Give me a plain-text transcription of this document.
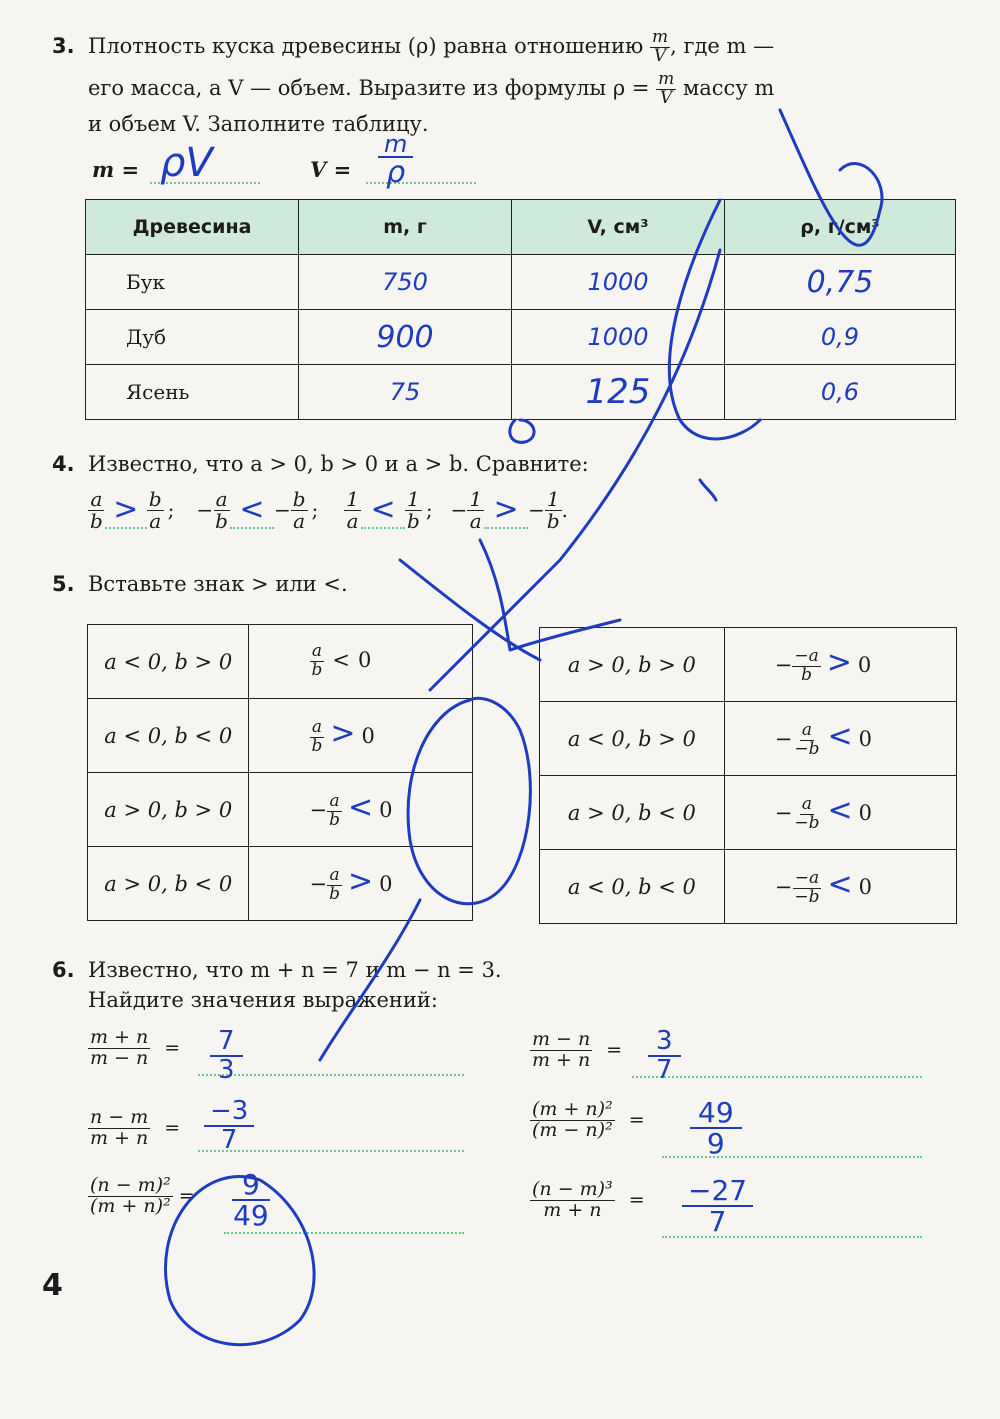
3. Плотность куска древесины (ρ) равна отношению $\frac{m}{V}$ , где m —
его масса, а V — объем. Выразите из формулы $\rho = \frac{m}{V}$ массу m
и объем V. Заполните таблицу.
m = ρV	V =
m
ρ
Древесина	m, г	V, см³	ρ, г/см³
Бук	750	1000	0,75
Дуб	900	1000	0,9
Ясень	75	125	0,6
4. Известно, что a > 0, b > 0 и a > b. Сравните:
$\frac{a}{b} > \frac{b}{a}$ ; − $\frac{a}{b}$ < − $\frac{b}{a}$ ; $\frac{1}{a} < \frac{1}{b}$ ; − $\frac{1}{a}$ > − $\frac{1}{b}$ .
5. Вставьте знак > или <.
a < 0, b > 0	$\frac{a}{b} < 0$
a < 0, b < 0	$\frac{a}{b} > 0$
a > 0, b > 0	− $\frac{a}{b} < 0$
a > 0, b < 0	− $\frac{a}{b} > 0$
a > 0, b > 0	− $\frac{-a}{b} > 0$
a < 0, b > 0	− $\frac{a}{-b} < 0$
a > 0, b < 0	− $\frac{a}{-b} < 0$
a < 0, b < 0	− $\frac{-a}{-b} < 0$
6. Известно, что m + n = 7 и m − n = 3.
Найдите значения выражений:
$\frac{m + n}{m - n} = \frac{7}{3}$
$\frac{n - m}{m + n} = \frac{-3}{7}$
$\frac{\text{(n − m)²}}{\text{(m + n)²}} = \frac{9}{49}$
$\frac{m - n}{m + n} = \frac{3}{7}$
$\frac{\text{(m + n)²}}{\text{(m − n)²}} = \frac{49}{9}$
$\frac{\text{(n − m)³}}{m + n} = \frac{-27}{7}$
4
